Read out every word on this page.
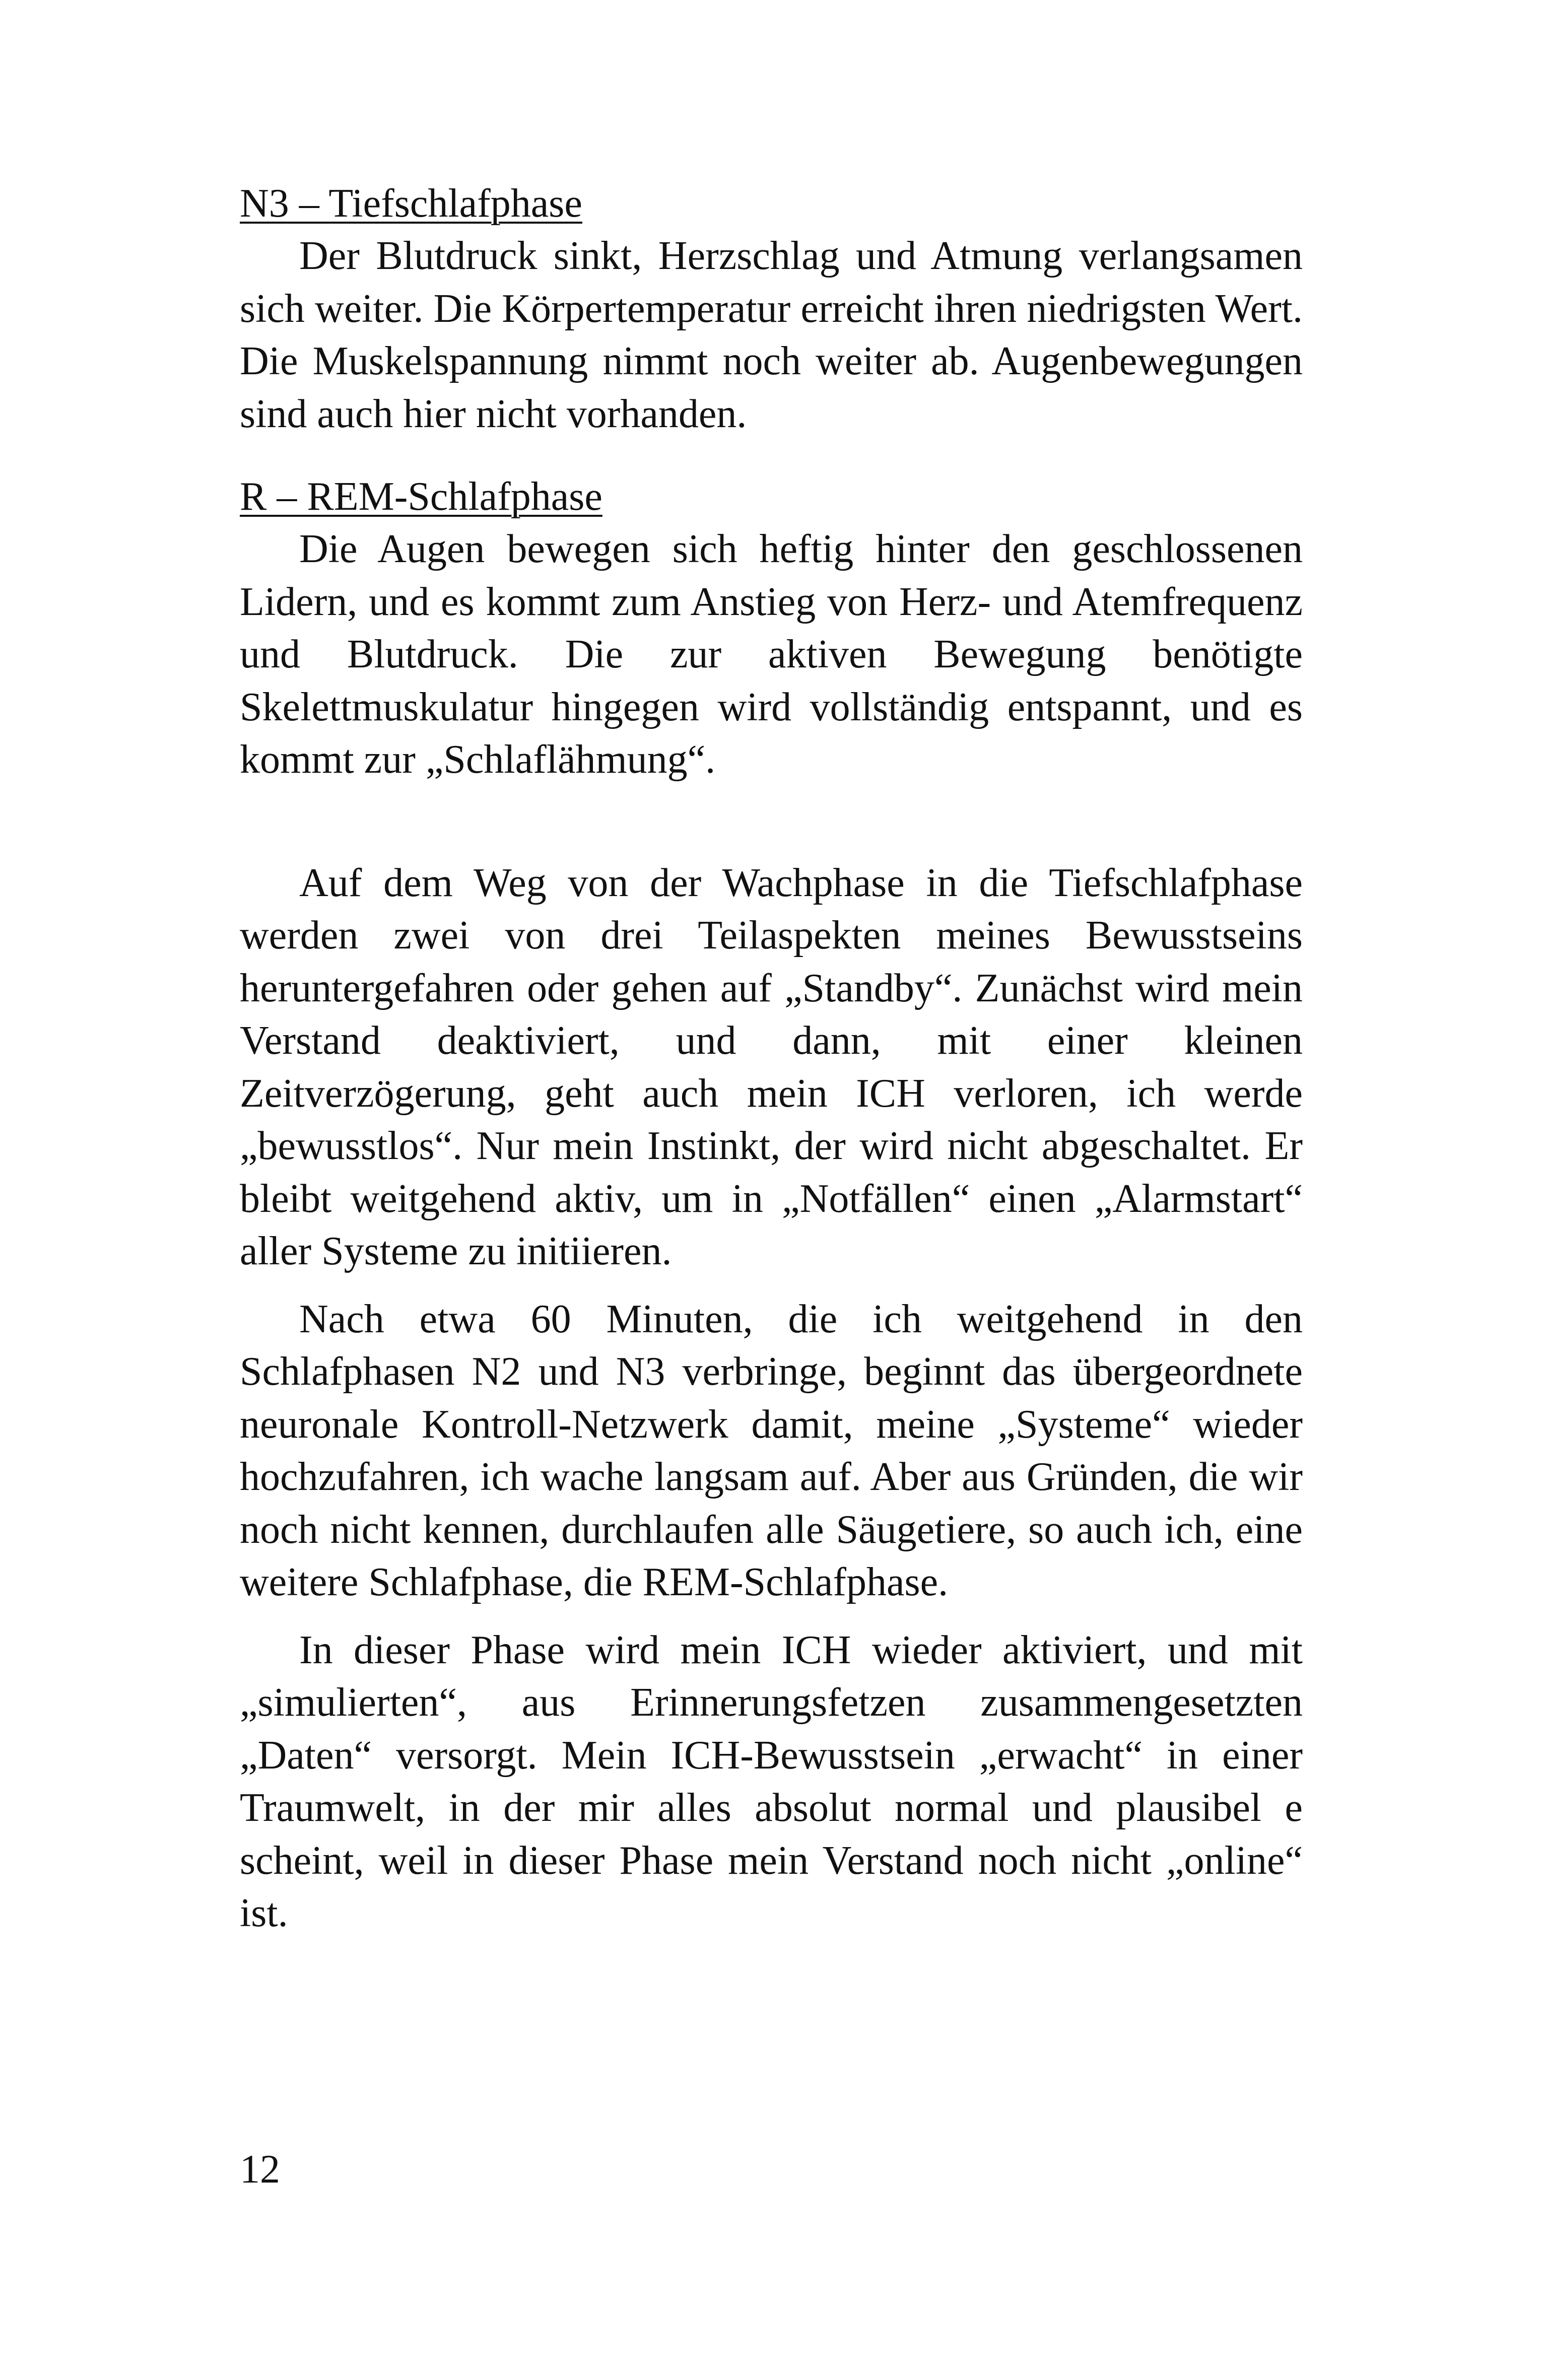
N3 – Tiefschlafphase

Der Blutdruck sinkt, Herzschlag und Atmung verlangsamen sich weiter. Die Körpertemperatur erreicht ihren niedrigsten Wert. Die Muskelspannung nimmt noch weiter ab. Augenbewegungen sind auch hier nicht vorhanden.

R – REM-Schlafphase

Die Augen bewegen sich heftig hinter den geschlossenen Lidern, und es kommt zum Anstieg von Herz- und Atemfrequenz und Blutdruck. Die zur aktiven Bewegung benötigte Skelettmuskulatur hingegen wird vollständig entspannt, und es kommt zur „Schlaflähmung“.

Auf dem Weg von der Wachphase in die Tiefschlafphase werden zwei von drei Teilaspekten meines Bewusstseins heruntergefahren oder gehen auf „Standby“. Zunächst wird mein Verstand deaktiviert, und dann, mit einer kleinen Zeitverzögerung, geht auch mein ICH verloren, ich werde „bewusstlos“. Nur mein Instinkt, der wird nicht abgeschaltet. Er bleibt weitgehend aktiv, um in „Notfällen“ einen „Alarmstart“ aller Systeme zu initiieren.

Nach etwa 60 Minuten, die ich weitgehend in den Schlafphasen N2 und N3 verbringe, beginnt das übergeordnete neuronale Kontroll-Netzwerk damit, meine „Systeme“ wieder hochzufahren, ich wache langsam auf. Aber aus Gründen, die wir noch nicht kennen, durchlaufen alle Säugetiere, so auch ich, eine weitere Schlafphase, die REM-Schlafphase.

In dieser Phase wird mein ICH wieder aktiviert, und mit „simulierten“, aus Erinnerungsfetzen zusammengesetzten „Daten“ versorgt. Mein ICH-Bewusstsein „erwacht“ in einer Traumwelt, in der mir alles absolut normal und plausibel e scheint, weil in dieser Phase mein Verstand noch nicht „online“ ist.

12
